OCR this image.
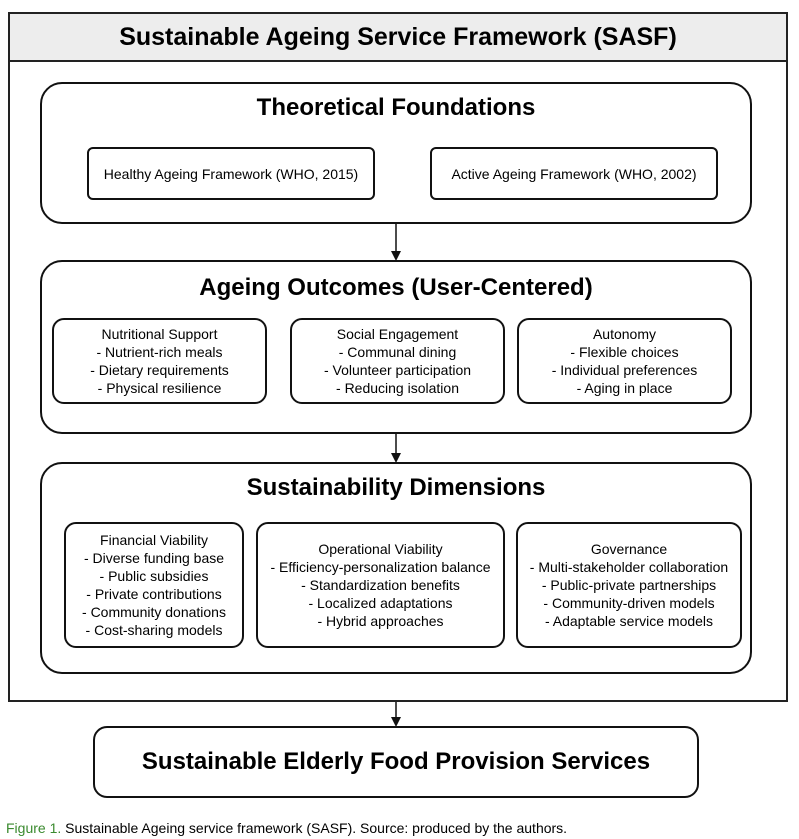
Sustainable Ageing Service Framework (SASF)
Theoretical Foundations
Healthy Ageing Framework (WHO, 2015)	Active Ageing Framework (WHO, 2002)
Ageing Outcomes (User-Centered)
Nutritional Support
- Nutrient-rich meals
- Dietary requirements
- Physical resilience
Social Engagement
- Communal dining
- Volunteer participation
- Reducing isolation
Autonomy
- Flexible choices
- Individual preferences
- Aging in place
Sustainability Dimensions
Financial Viability
- Diverse funding base
- Public subsidies
- Private contributions
- Community donations
- Cost-sharing models
Operational Viability
- Efficiency-personalization balance
- Standardization benefits
- Localized adaptations
- Hybrid approaches
Governance
- Multi-stakeholder collaboration
- Public-private partnerships
- Community-driven models
- Adaptable service models
Sustainable Elderly Food Provision Services
Figure 1. Sustainable Ageing service framework (SASF). Source: produced by the authors.
